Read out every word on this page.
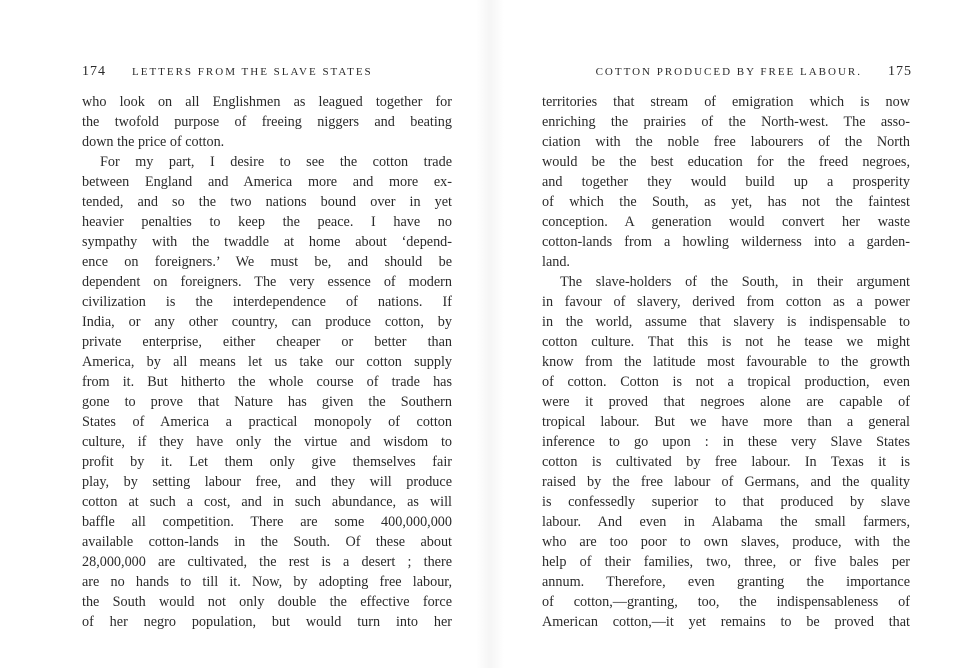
174 LETTERS FROM THE SLAVE STATES
who look on all Englishmen as leagued together for
the twofold purpose of freeing niggers and beating
down the price of cotton.
For my part, I desire to see the cotton trade
between England and America more and more ex-
tended, and so the two nations bound over in yet
heavier penalties to keep the peace. I have no
sympathy with the twaddle at home about ‘depend-
ence on foreigners.’ We must be, and should be
dependent on foreigners. The very essence of modern
civilization is the interdependence of nations. If
India, or any other country, can produce cotton, by
private enterprise, either cheaper or better than
America, by all means let us take our cotton supply
from it. But hitherto the whole course of trade has
gone to prove that Nature has given the Southern
States of America a practical monopoly of cotton
culture, if they have only the virtue and wisdom to
profit by it. Let them only give themselves fair
play, by setting labour free, and they will produce
cotton at such a cost, and in such abundance, as will
baffle all competition. There are some 400,000,000
available cotton-lands in the South. Of these about
28,000,000 are cultivated, the rest is a desert ; there
are no hands to till it. Now, by adopting free labour,
the South would not only double the effective force
of her negro population, but would turn into her
COTTON PRODUCED BY FREE LABOUR. 175
territories that stream of emigration which is now
enriching the prairies of the North-west. The asso-
ciation with the noble free labourers of the North
would be the best education for the freed negroes,
and together they would build up a prosperity
of which the South, as yet, has not the faintest
conception. A generation would convert her waste
cotton-lands from a howling wilderness into a garden-
land.
The slave-holders of the South, in their argument
in favour of slavery, derived from cotton as a power
in the world, assume that slavery is indispensable to
cotton culture. That this is not he tease we might
know from the latitude most favourable to the growth
of cotton. Cotton is not a tropical production, even
were it proved that negroes alone are capable of
tropical labour. But we have more than a general
inference to go upon : in these very Slave States
cotton is cultivated by free labour. In Texas it is
raised by the free labour of Germans, and the quality
is confessedly superior to that produced by slave
labour. And even in Alabama the small farmers,
who are too poor to own slaves, produce, with the
help of their families, two, three, or five bales per
annum. Therefore, even granting the importance
of cotton,—granting, too, the indispensableness of
American cotton,—it yet remains to be proved that
